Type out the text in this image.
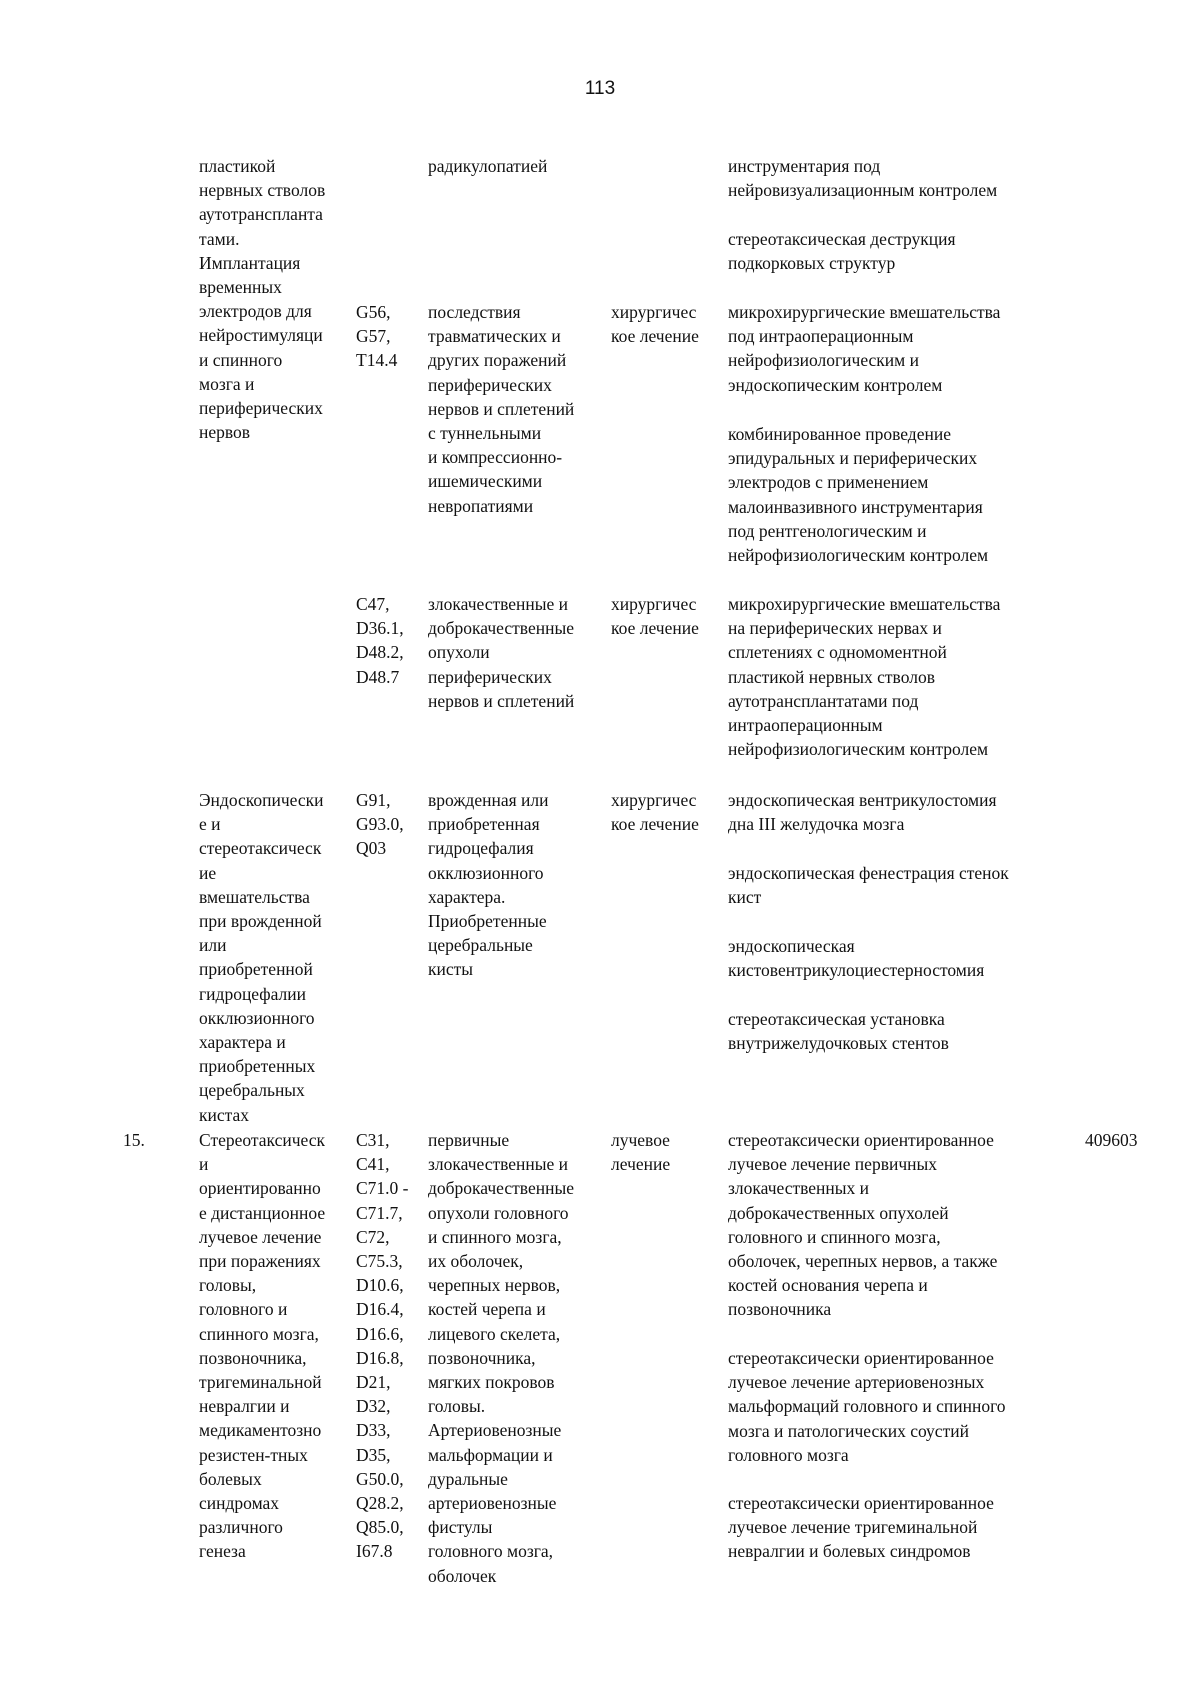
113
пластикой
нервных стволов
аутотранспланта
тами.
Имплантация
временных
электродов для
нейростимуляци
и спинного
мозга и
периферических
нервов
радикулопатией	инструментария под
нейровизуализационным контролем
стереотаксическая деструкция
подкорковых структур
G56,
G57,
T14.4
последствия
травматических и
других поражений
периферических
нервов и сплетений
с туннельными
и компрессионно-
ишемическими
невропатиями
хирургичес
кое лечение
микрохирургические вмешательства
под интраоперационным
нейрофизиологическим и
эндоскопическим контролем
комбинированное проведение
эпидуральных и периферических
электродов с применением
малоинвазивного инструментария
под рентгенологическим и
нейрофизиологическим контролем
C47,
D36.1,
D48.2,
D48.7
злокачественные и
доброкачественные
опухоли
периферических
нервов и сплетений
хирургичес
кое лечение
микрохирургические вмешательства
на периферических нервах и
сплетениях с одномоментной
пластикой нервных стволов
аутотрансплантатами под
интраоперационным
нейрофизиологическим контролем
Эндоскопически
е и
стереотаксическ
ие
вмешательства
при врожденной
или
приобретенной
гидроцефалии
окклюзионного
характера и
приобретенных
церебральных
кистах
G91,
G93.0,
Q03
врожденная или
приобретенная
гидроцефалия
окклюзионного
характера.
Приобретенные
церебральные
кисты
хирургичес
кое лечение
эндоскопическая вентрикулостомия
дна III желудочка мозга
эндоскопическая фенестрация стенок
кист
эндоскопическая
кистовентрикулоциестерностомия
стереотаксическая установка
внутрижелудочковых стентов
15.	Стереотаксическ
и
ориентированно
е дистанционное
лучевое лечение
при поражениях
головы,
головного и
спинного мозга,
позвоночника,
тригеминальной
невралгии и
медикаментозно
резистен-тных
болевых
синдромах
различного
генеза
C31,
C41,
C71.0 -
C71.7,
C72,
C75.3,
D10.6,
D16.4,
D16.6,
D16.8,
D21,
D32,
D33,
D35,
G50.0,
Q28.2,
Q85.0,
I67.8
первичные
злокачественные и
доброкачественные
опухоли головного
и спинного мозга,
их оболочек,
черепных нервов,
костей черепа и
лицевого скелета,
позвоночника,
мягких покровов
головы.
Артериовенозные
мальформации и
дуральные
артериовенозные
фистулы
головного мозга,
оболочек
лучевое
лечение
стереотаксически ориентированное
лучевое лечение первичных
злокачественных и
доброкачественных опухолей
головного и спинного мозга,
оболочек, черепных нервов, а также
костей основания черепа и
позвоночника
стереотаксически ориентированное
лучевое лечение артериовенозных
мальформаций головного и спинного
мозга и патологических соустий
головного мозга
стереотаксически ориентированное
лучевое лечение тригеминальной
невралгии и болевых синдромов
409603
